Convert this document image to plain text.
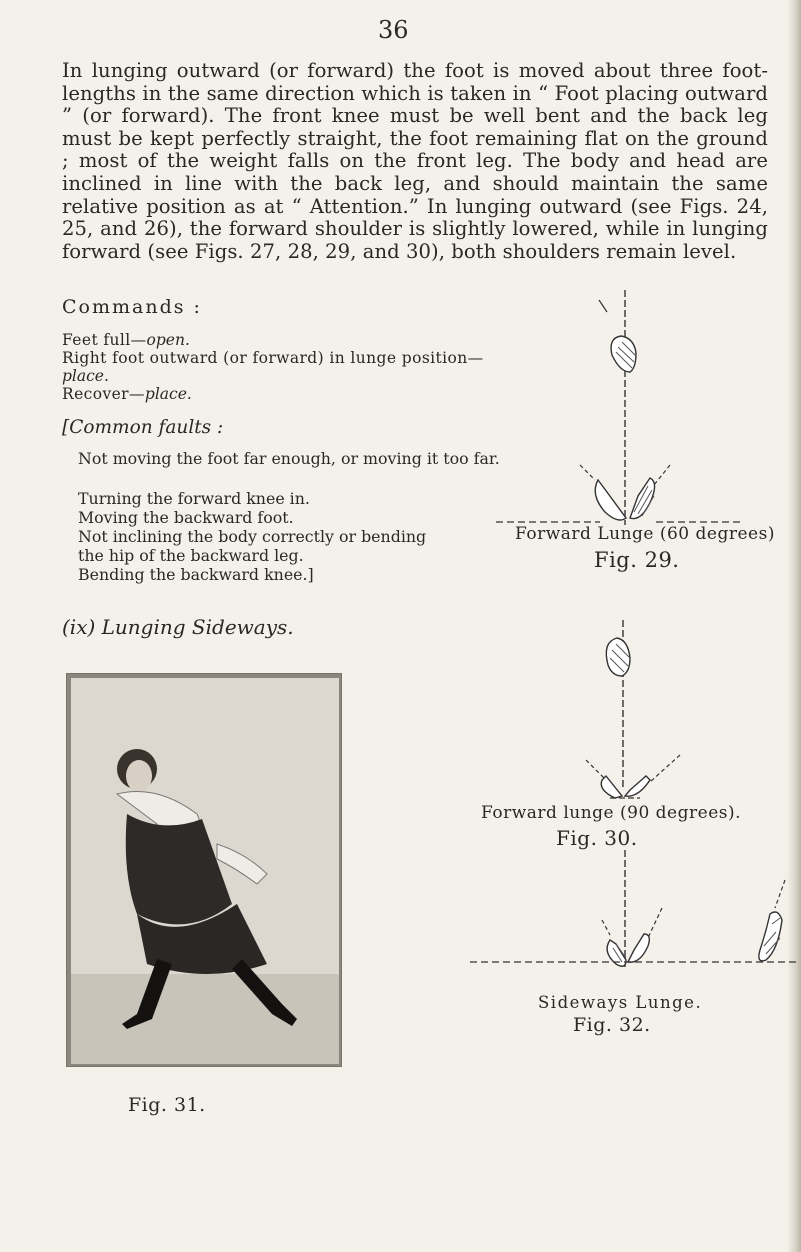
36

In lunging outward (or forward) the foot is moved about three foot-lengths in the same direction which is taken in “ Foot placing outward ” (or forward). The front knee must be well bent and the back leg must be kept perfectly straight, the foot remaining flat on the ground ; most of the weight falls on the front leg. The body and head are inclined in line with the back leg, and should maintain the same relative position as at “ Attention.” In lunging outward (see Figs. 24, 25, and 26), the forward shoulder is slightly lowered, while in lunging forward (see Figs. 27, 28, 29, and 30), both shoulders remain level.

Commands :
Feet full—open.
Right foot outward (or forward) in lunge position—place.
Recover—place.
[Common faults :
Not moving the foot far enough, or moving it too far.
Turning the forward knee in.
Moving the backward foot.
Not inclining the body correctly or bending the hip of the backward leg.
Bending the backward knee.]
Forward Lunge (60 degrees)
Fig. 29.
(ix) Lunging Sideways.
Fig. 31.
Forward lunge (90 degrees).
Fig. 30.
Sideways Lunge.
Fig. 32.
